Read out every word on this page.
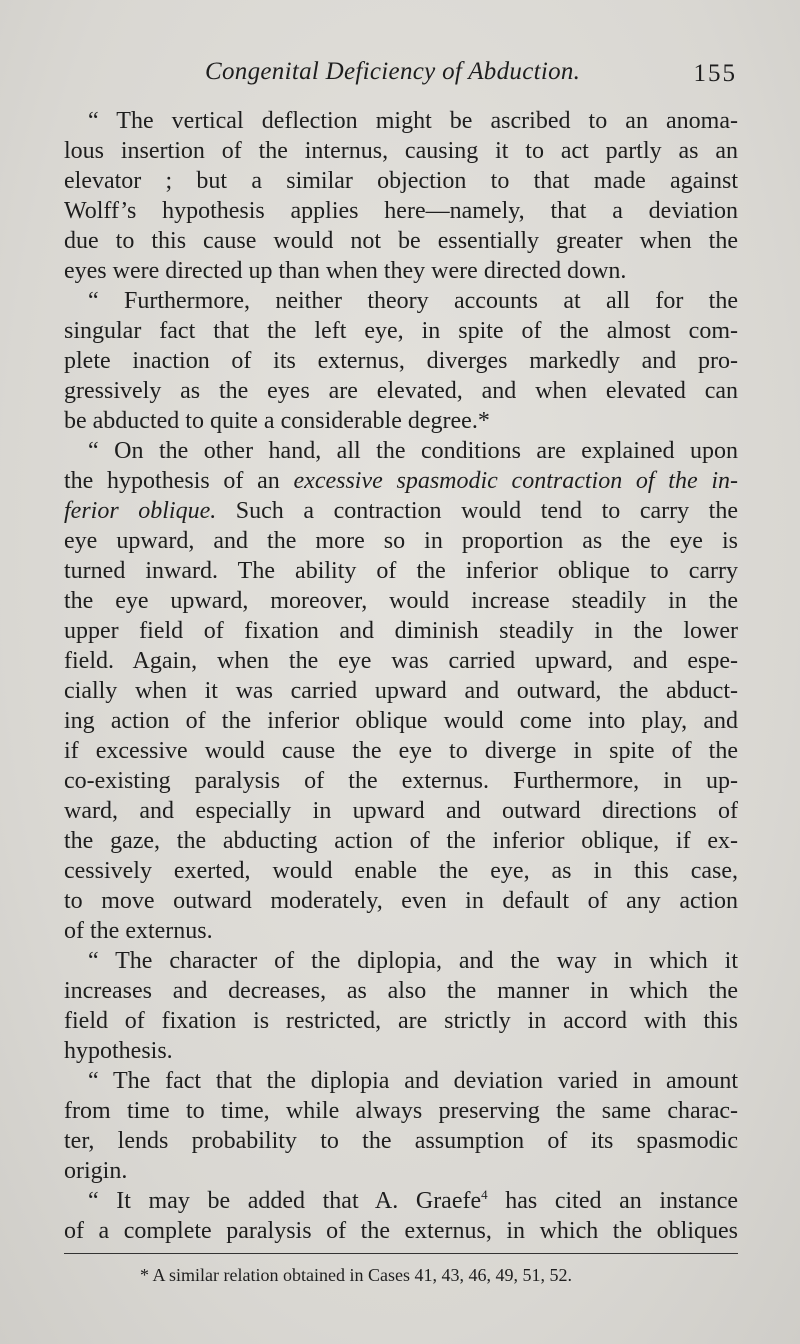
Congenital Deficiency of Abduction.	155
“ The vertical deflection might be ascribed to an anoma-
lous insertion of the internus, causing it to act partly as an
elevator ; but a similar objection to that made against
Wolff’s hypothesis applies here—namely, that a deviation
due to this cause would not be essentially greater when the
eyes were directed up than when they were directed down.
“ Furthermore, neither theory accounts at all for the
singular fact that the left eye, in spite of the almost com-
plete inaction of its externus, diverges markedly and pro-
gressively as the eyes are elevated, and when elevated can
be abducted to quite a considerable degree.*
“ On the other hand, all the conditions are explained upon
the hypothesis of an excessive spasmodic contraction of the in-
ferior oblique. Such a contraction would tend to carry the
eye upward, and the more so in proportion as the eye is
turned inward. The ability of the inferior oblique to carry
the eye upward, moreover, would increase steadily in the
upper field of fixation and diminish steadily in the lower
field. Again, when the eye was carried upward, and espe-
cially when it was carried upward and outward, the abduct-
ing action of the inferior oblique would come into play, and
if excessive would cause the eye to diverge in spite of the
co-existing paralysis of the externus. Furthermore, in up-
ward, and especially in upward and outward directions of
the gaze, the abducting action of the inferior oblique, if ex-
cessively exerted, would enable the eye, as in this case,
to move outward moderately, even in default of any action
of the externus.
“ The character of the diplopia, and the way in which it
increases and decreases, as also the manner in which the
field of fixation is restricted, are strictly in accord with this
hypothesis.
“ The fact that the diplopia and deviation varied in amount
from time to time, while always preserving the same charac-
ter, lends probability to the assumption of its spasmodic
origin.
“ It may be added that A. Graefe$^4$ has cited an instance
of a complete paralysis of the externus, in which the obliques
* A similar relation obtained in Cases 41, 43, 46, 49, 51, 52.
